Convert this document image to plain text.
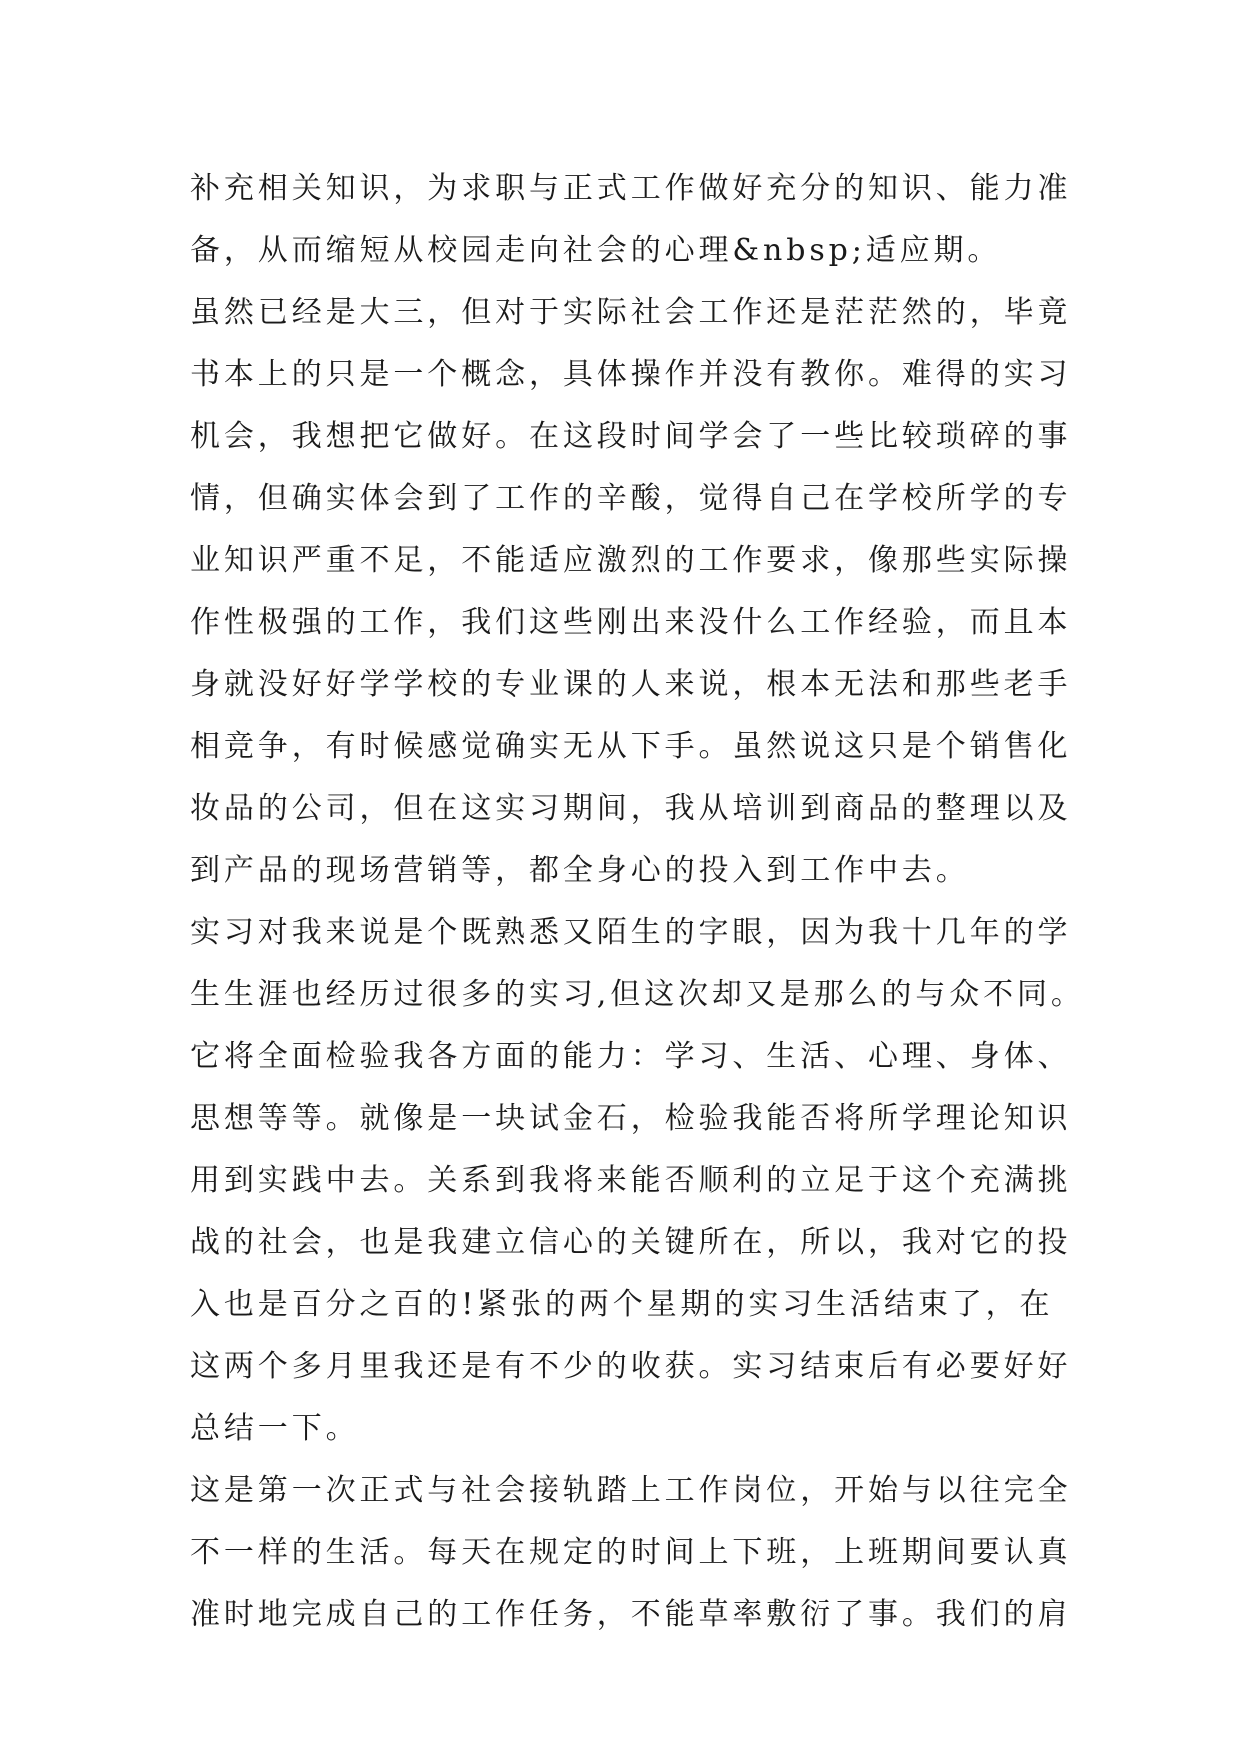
补充相关知识，为求职与正式工作做好充分的知识、能力准
备，从而缩短从校园走向社会的心理&nbsp;适应期。
虽然已经是大三，但对于实际社会工作还是茫茫然的，毕竟
书本上的只是一个概念，具体操作并没有教你。难得的实习
机会，我想把它做好。在这段时间学会了一些比较琐碎的事
情，但确实体会到了工作的辛酸，觉得自己在学校所学的专
业知识严重不足，不能适应激烈的工作要求，像那些实际操
作性极强的工作，我们这些刚出来没什么工作经验，而且本
身就没好好学学校的专业课的人来说，根本无法和那些老手
相竞争，有时候感觉确实无从下手。虽然说这只是个销售化
妆品的公司，但在这实习期间，我从培训到商品的整理以及
到产品的现场营销等，都全身心的投入到工作中去。
实习对我来说是个既熟悉又陌生的字眼，因为我十几年的学
生生涯也经历过很多的实习,但这次却又是那么的与众不同。
它将全面检验我各方面的能力：学习、生活、心理、身体、
思想等等。就像是一块试金石，检验我能否将所学理论知识
用到实践中去。关系到我将来能否顺利的立足于这个充满挑
战的社会，也是我建立信心的关键所在，所以，我对它的投
入也是百分之百的!紧张的两个星期的实习生活结束了，在
这两个多月里我还是有不少的收获。实习结束后有必要好好
总结一下。
这是第一次正式与社会接轨踏上工作岗位，开始与以往完全
不一样的生活。每天在规定的时间上下班，上班期间要认真
准时地完成自己的工作任务，不能草率敷衍了事。我们的肩
